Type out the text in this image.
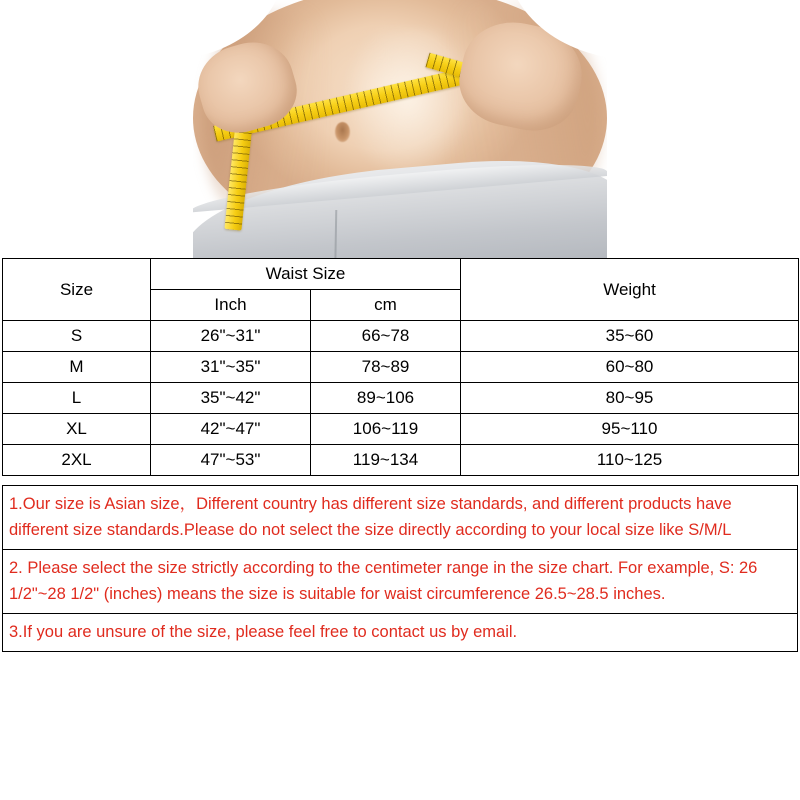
Size	Waist Size		Weight
	Inch	cm	
S	26"~31"	66~78	35~60
M	31"~35"	78~89	60~80
L	35"~42"	89~106	80~95
XL	42"~47"	106~119	95~110
2XL	47"~53"	119~134	110~125
1.Our size is Asian size，Different country has different size standards, and different products have different size standards.Please do not select the size directly according to your local size like S/M/L
2. Please select the size strictly according to the centimeter range in the size chart. For example, S: 26 1/2"~28 1/2" (inches) means the size is suitable for waist circumference 26.5~28.5 inches.
3.If you are unsure of the size, please feel free to contact us by email.
